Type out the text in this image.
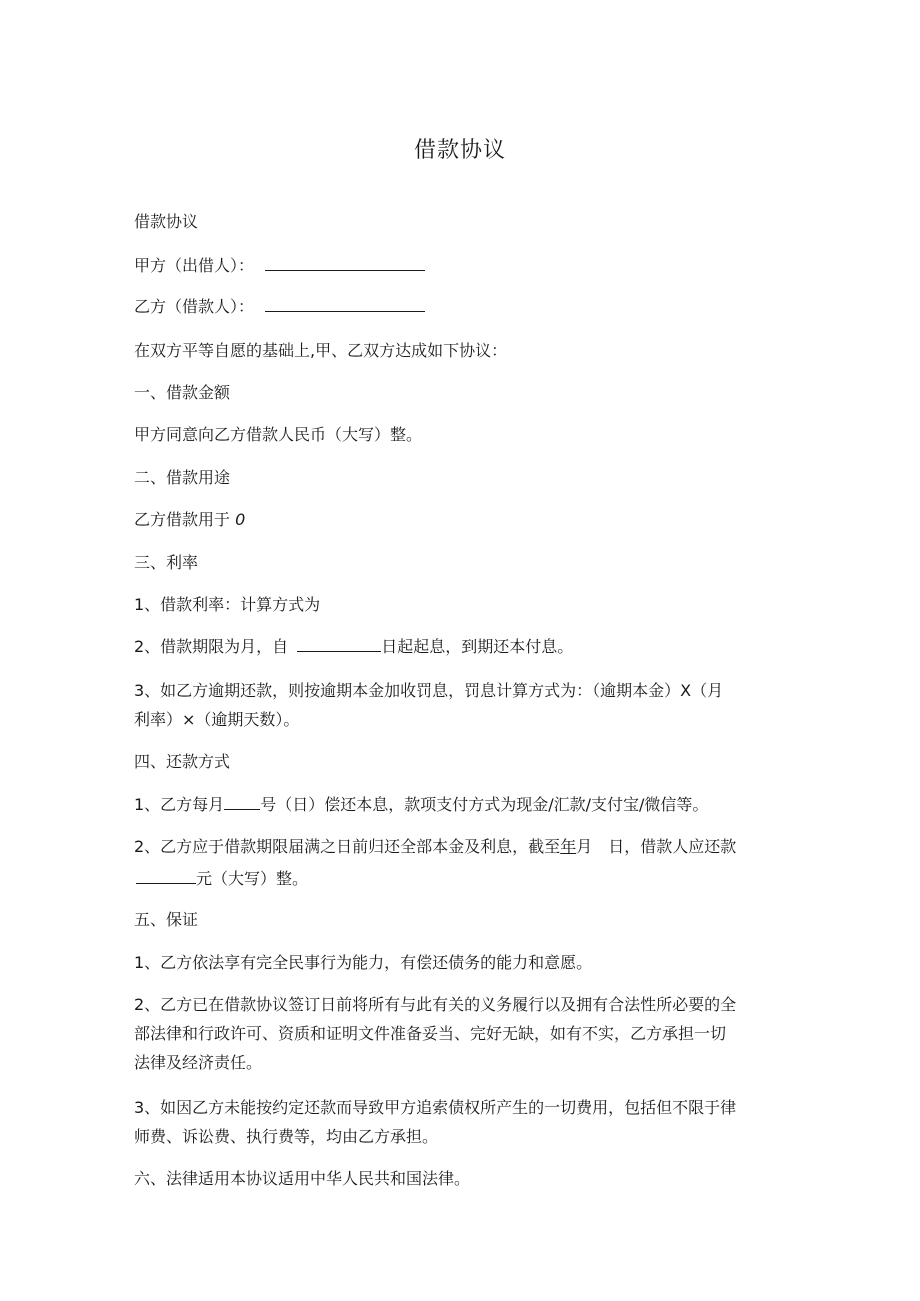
借款协议
借款协议
甲方（出借人）：
乙方（借款人）：
在双方平等自愿的基础上,甲、乙双方达成如下协议：
一、借款金额
甲方同意向乙方借款人民币（大写）整。
二、借款用途
乙方借款用于 0
三、利率
1、借款利率：计算方式为
2、借款期限为月，自	日起起息，到期还本付息。
3、如乙方逾期还款，则按逾期本金加收罚息，罚息计算方式为：（逾期本金）X（月
利率）×（逾期天数）。
四、还款方式
1、乙方每月 号（日）偿还本息，款项支付方式为现金/汇款/支付宝/微信等。
2、乙方应于借款期限届满之日前归还全部本金及利息，截至年月　日，借款人应还款
元（大写）整。
五、保证
1、乙方依法享有完全民事行为能力，有偿还债务的能力和意愿。
2、乙方已在借款协议签订日前将所有与此有关的义务履行以及拥有合法性所必要的全
部法律和行政许可、资质和证明文件准备妥当、完好无缺，如有不实，乙方承担一切
法律及经济责任。
3、如因乙方未能按约定还款而导致甲方追索债权所产生的一切费用，包括但不限于律
师费、诉讼费、执行费等，均由乙方承担。
六、法律适用本协议适用中华人民共和国法律。
